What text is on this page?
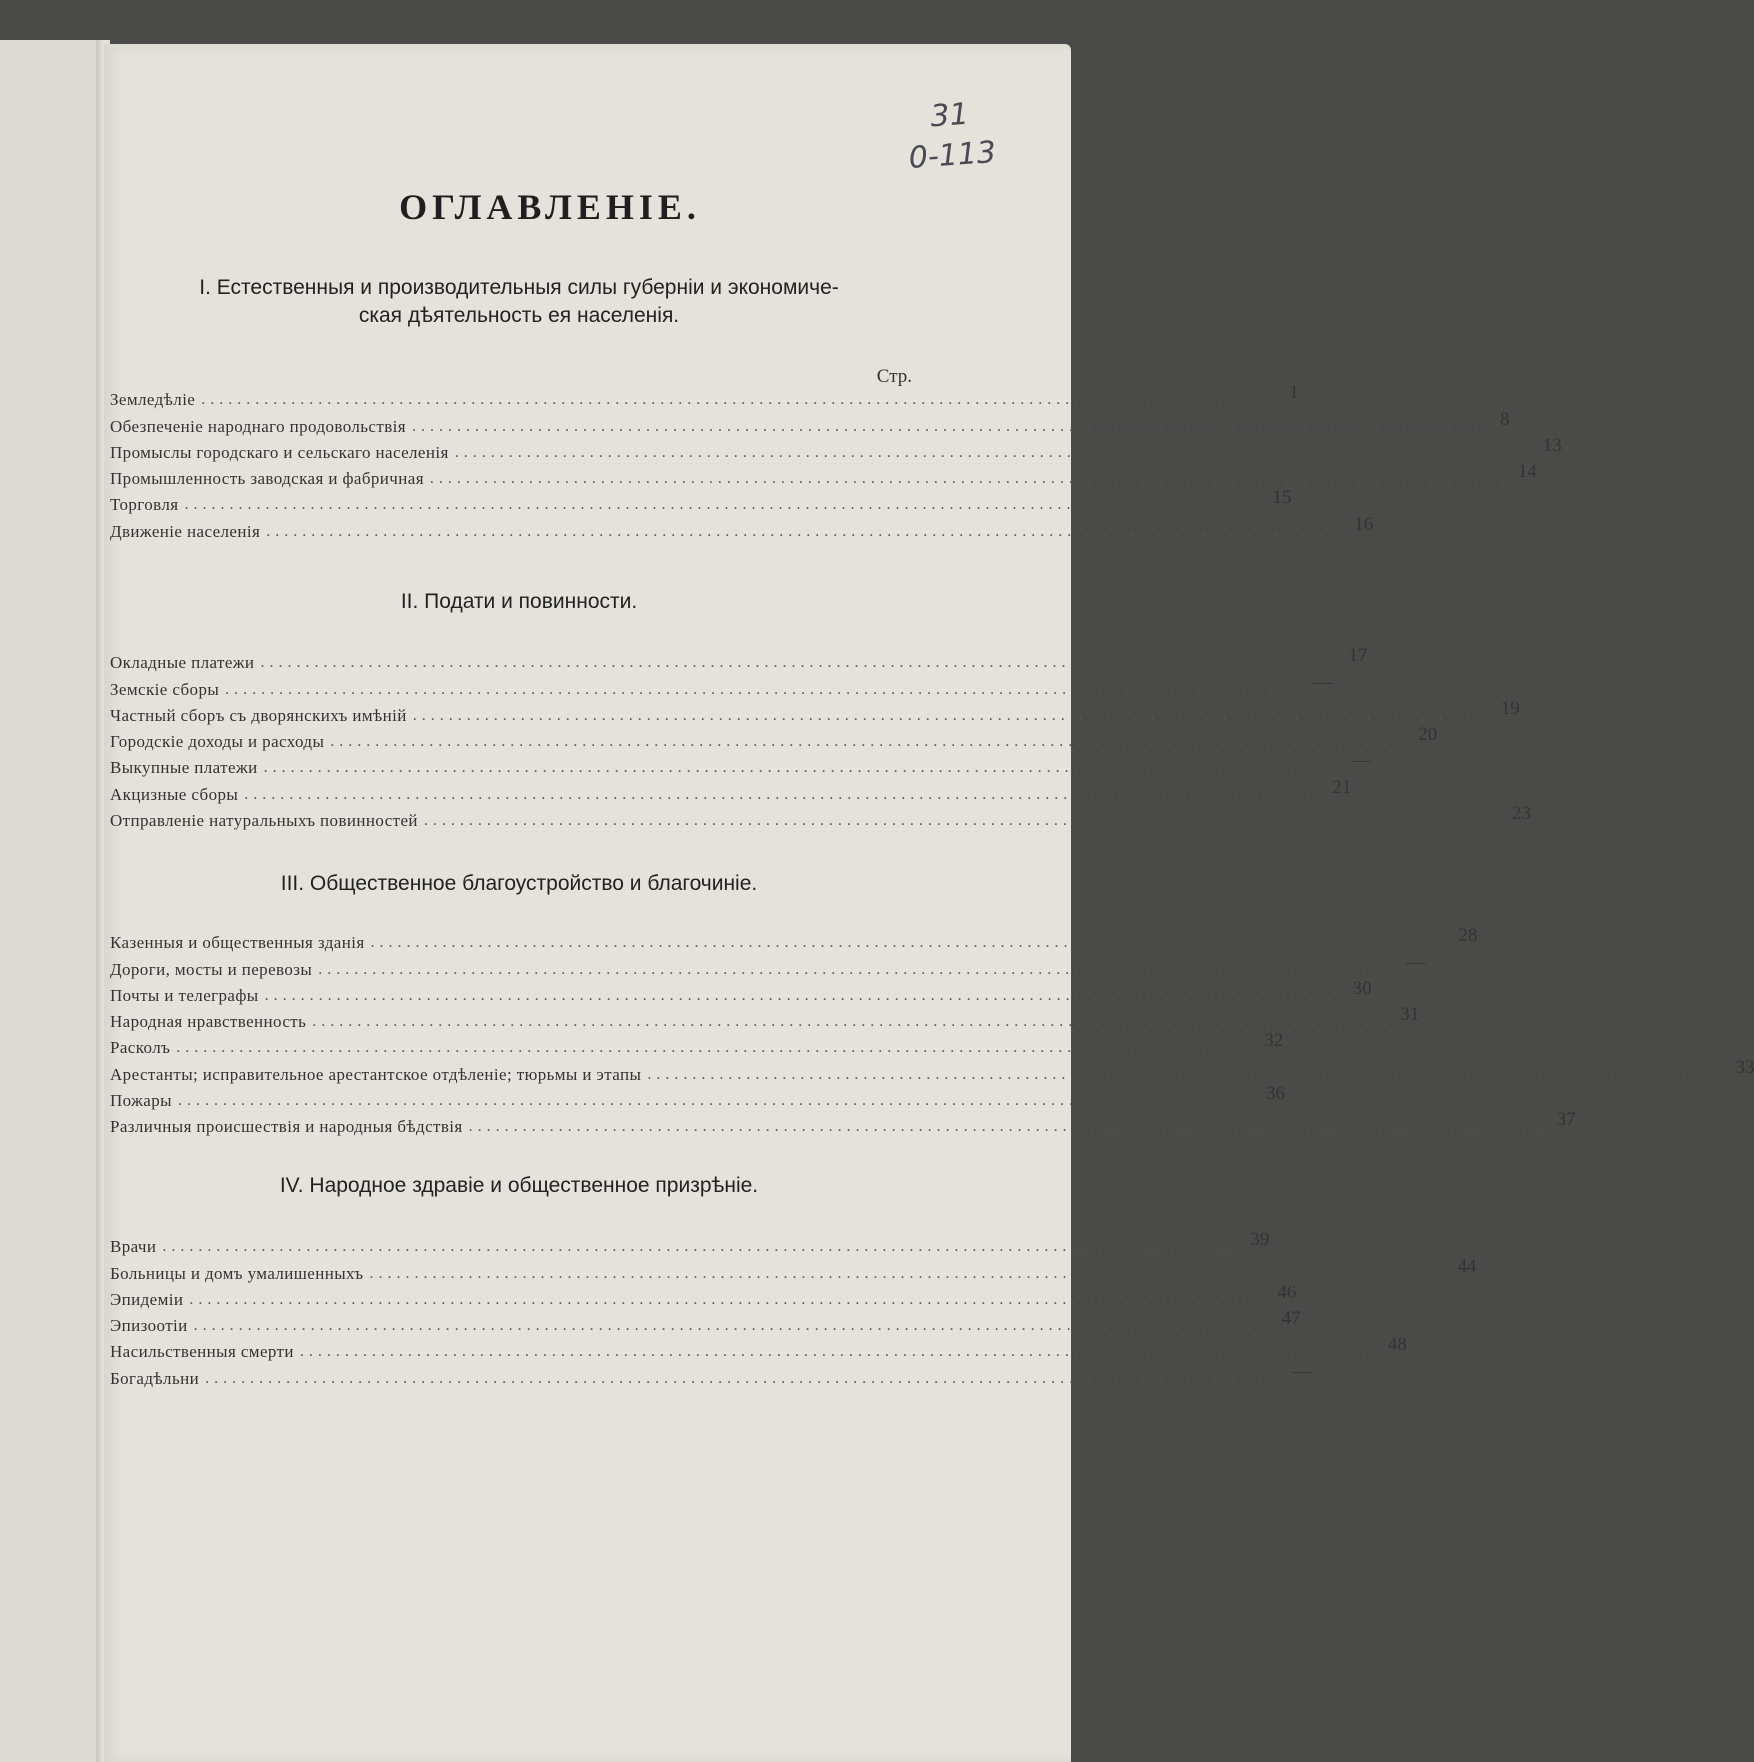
31
0-113
ОГЛАВЛЕНІЕ.
I. Естественныя и производительныя силы губерніи и экономиче-
ская дѣятельность ея населенія.
Стр.
Земледѣліе ........................................................................................................................ 1
Обезпеченіе народнаго продовольствія ........................................................................................................................ 8
Промыслы городскаго и сельскаго населенія ........................................................................................................................ 13
Промышленность заводская и фабричная ........................................................................................................................ 14
Торговля ........................................................................................................................ 15
Движеніе населенія ........................................................................................................................ 16
II. Подати и повинности.
Окладные платежи ........................................................................................................................ 17
Земскіе сборы ........................................................................................................................ —
Частный сборъ съ дворянскихъ имѣній ........................................................................................................................ 19
Городскіе доходы и расходы ........................................................................................................................ 20
Выкупные платежи ........................................................................................................................ —
Акцизные сборы ........................................................................................................................ 21
Отправленіе натуральныхъ повинностей ........................................................................................................................ 23
III. Общественное благоустройство и благочиніе.
Казенныя и общественныя зданія ........................................................................................................................ 28
Дороги, мосты и перевозы ........................................................................................................................ —
Почты и телеграфы ........................................................................................................................ 30
Народная нравственность ........................................................................................................................ 31
Расколъ ........................................................................................................................ 32
Арестанты; исправительное арестантское отдѣленіе; тюрьмы и этапы ........................................................................................................................ 33
Пожары ........................................................................................................................ 36
Различныя происшествія и народныя бѣдствія ........................................................................................................................ 37
IV. Народное здравіе и общественное призрѣніе.
Врачи ........................................................................................................................ 39
Больницы и домъ умалишенныхъ ........................................................................................................................ 44
Эпидеміи ........................................................................................................................ 46
Эпизоотіи ........................................................................................................................ 47
Насильственныя смерти ........................................................................................................................ 48
Богадѣльни ........................................................................................................................ —
